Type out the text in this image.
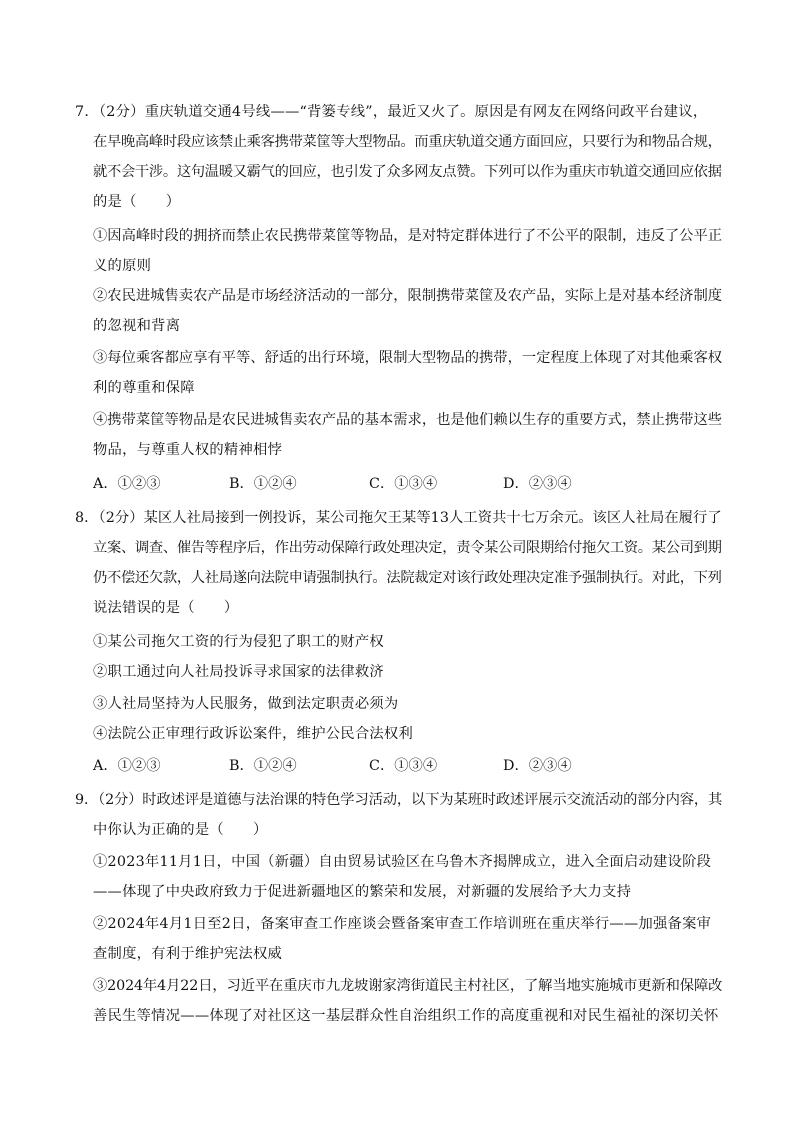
7．（2分）重庆轨道交通4号线——“背篓专线”，最近又火了。原因是有网友在网络问政平台建议，
在早晚高峰时段应该禁止乘客携带菜筐等大型物品。而重庆轨道交通方面回应，只要行为和物品合规，
就不会干涉。这句温暖又霸气的回应，也引发了众多网友点赞。下列可以作为重庆市轨道交通回应依据
的是（　　）
①因高峰时段的拥挤而禁止农民携带菜筐等物品，是对特定群体进行了不公平的限制，违反了公平正
义的原则
②农民进城售卖农产品是市场经济活动的一部分，限制携带菜筐及农产品，实际上是对基本经济制度
的忽视和背离
③每位乘客都应享有平等、舒适的出行环境，限制大型物品的携带，一定程度上体现了对其他乘客权
利的尊重和保障
④携带菜筐等物品是农民进城售卖农产品的基本需求，也是他们赖以生存的重要方式，禁止携带这些
物品，与尊重人权的精神相悖
A．①②③	B．①②④	C．①③④	D．②③④
8．（2分）某区人社局接到一例投诉，某公司拖欠王某等13人工资共十七万余元。该区人社局在履行了
立案、调查、催告等程序后，作出劳动保障行政处理决定，责令某公司限期给付拖欠工资。某公司到期
仍不偿还欠款，人社局遂向法院申请强制执行。法院裁定对该行政处理决定准予强制执行。对此，下列
说法错误的是（　　）
①某公司拖欠工资的行为侵犯了职工的财产权
②职工通过向人社局投诉寻求国家的法律救济
③人社局坚持为人民服务，做到法定职责必须为
④法院公正审理行政诉讼案件，维护公民合法权利
A．①②③	B．①②④	C．①③④	D．②③④
9．（2分）时政述评是道德与法治课的特色学习活动，以下为某班时政述评展示交流活动的部分内容，其
中你认为正确的是（　　）
①2023年11月1日，中国（新疆）自由贸易试验区在乌鲁木齐揭牌成立，进入全面启动建设阶段
——体现了中央政府致力于促进新疆地区的繁荣和发展，对新疆的发展给予大力支持
②2024年4月1日至2日，备案审查工作座谈会暨备案审查工作培训班在重庆举行——加强备案审
查制度，有利于维护宪法权威
③2024年4月22日，习近平在重庆市九龙坡谢家湾街道民主村社区，了解当地实施城市更新和保障改
善民生等情况——体现了对社区这一基层群众性自治组织工作的高度重视和对民生福祉的深切关怀
